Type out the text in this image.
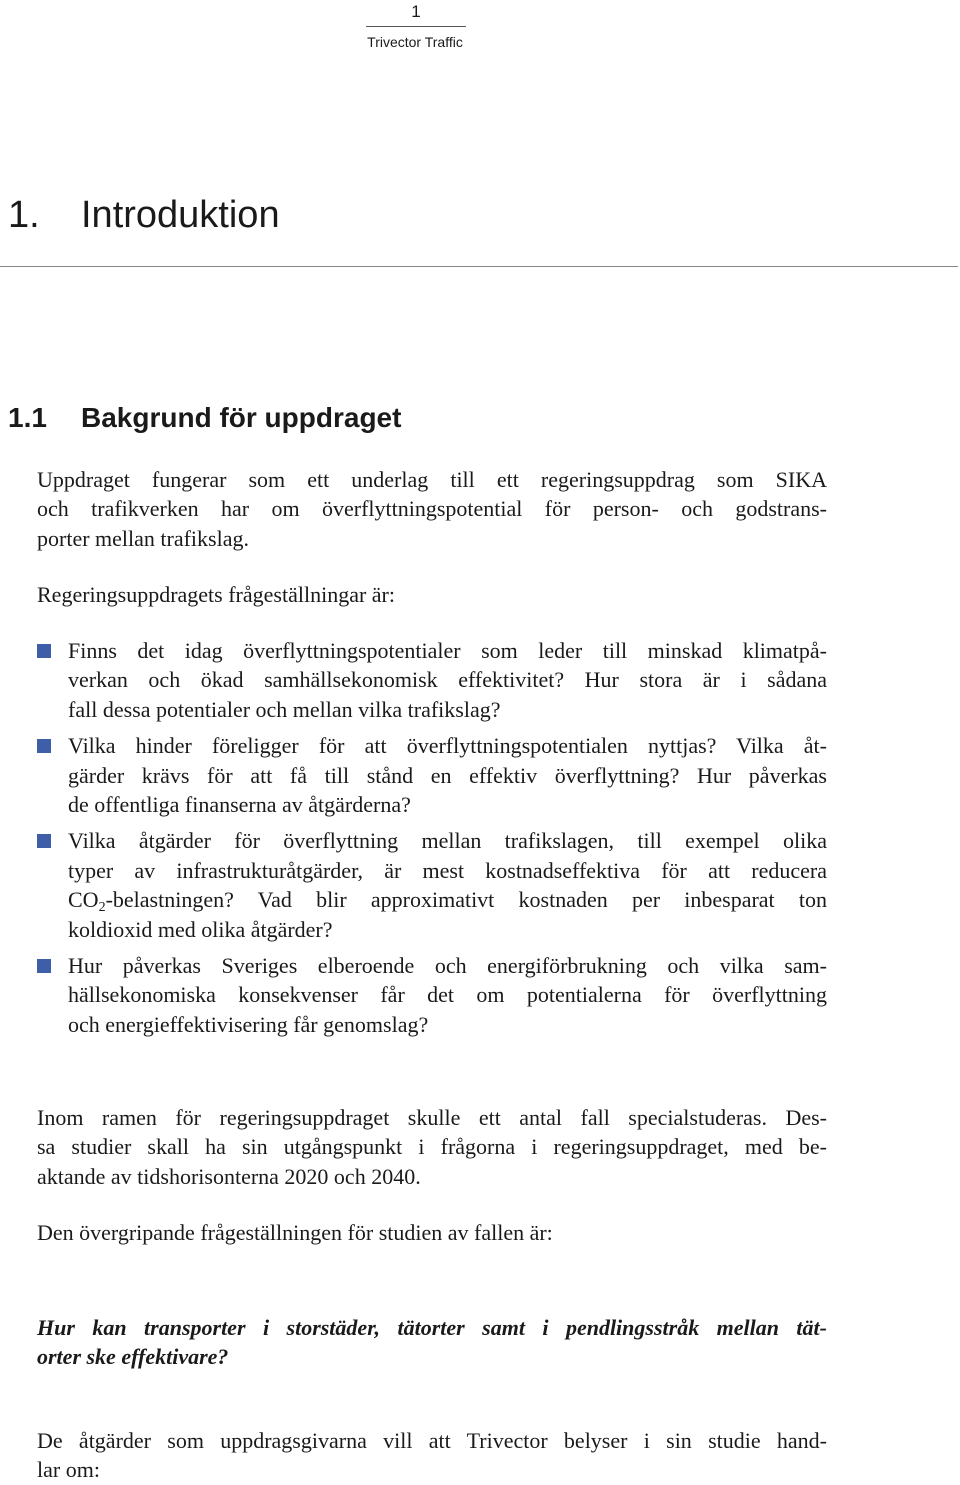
1
Trivector Traffic
1. Introduktion
1.1 Bakgrund för uppdraget

Uppdraget fungerar som ett underlag till ett regeringsuppdrag som SIKA
och trafikverken har om överflyttningspotential för person- och godstrans-
porter mellan trafikslag.

Regeringsuppdragets frågeställningar är:

Finns det idag överflyttningspotentialer som leder till minskad klimatpå-
verkan och ökad samhällsekonomisk effektivitet? Hur stora är i sådana
fall dessa potentialer och mellan vilka trafikslag?
Vilka hinder föreligger för att överflyttningspotentialen nyttjas? Vilka åt-
gärder krävs för att få till stånd en effektiv överflyttning? Hur påverkas
de offentliga finanserna av åtgärderna?
Vilka åtgärder för överflyttning mellan trafikslagen, till exempel olika
typer av infrastrukturåtgärder, är mest kostnadseffektiva för att reducera
$CO_2$-belastningen? Vad blir approximativt kostnaden per inbesparat ton
koldioxid med olika åtgärder?
Hur påverkas Sveriges elberoende och energiförbrukning och vilka sam-
hällsekonomiska konsekvenser får det om potentialerna för överflyttning
och energieffektivisering får genomslag?

Inom ramen för regeringsuppdraget skulle ett antal fall specialstuderas. Des-
sa studier skall ha sin utgångspunkt i frågorna i regeringsuppdraget, med be-
aktande av tidshorisonterna 2020 och 2040.

Den övergripande frågeställningen för studien av fallen är:

Hur kan transporter i storstäder, tätorter samt i pendlingsstråk mellan tät-
orter ske effektivare?

De åtgärder som uppdragsgivarna vill att Trivector belyser i sin studie hand-
lar om:
